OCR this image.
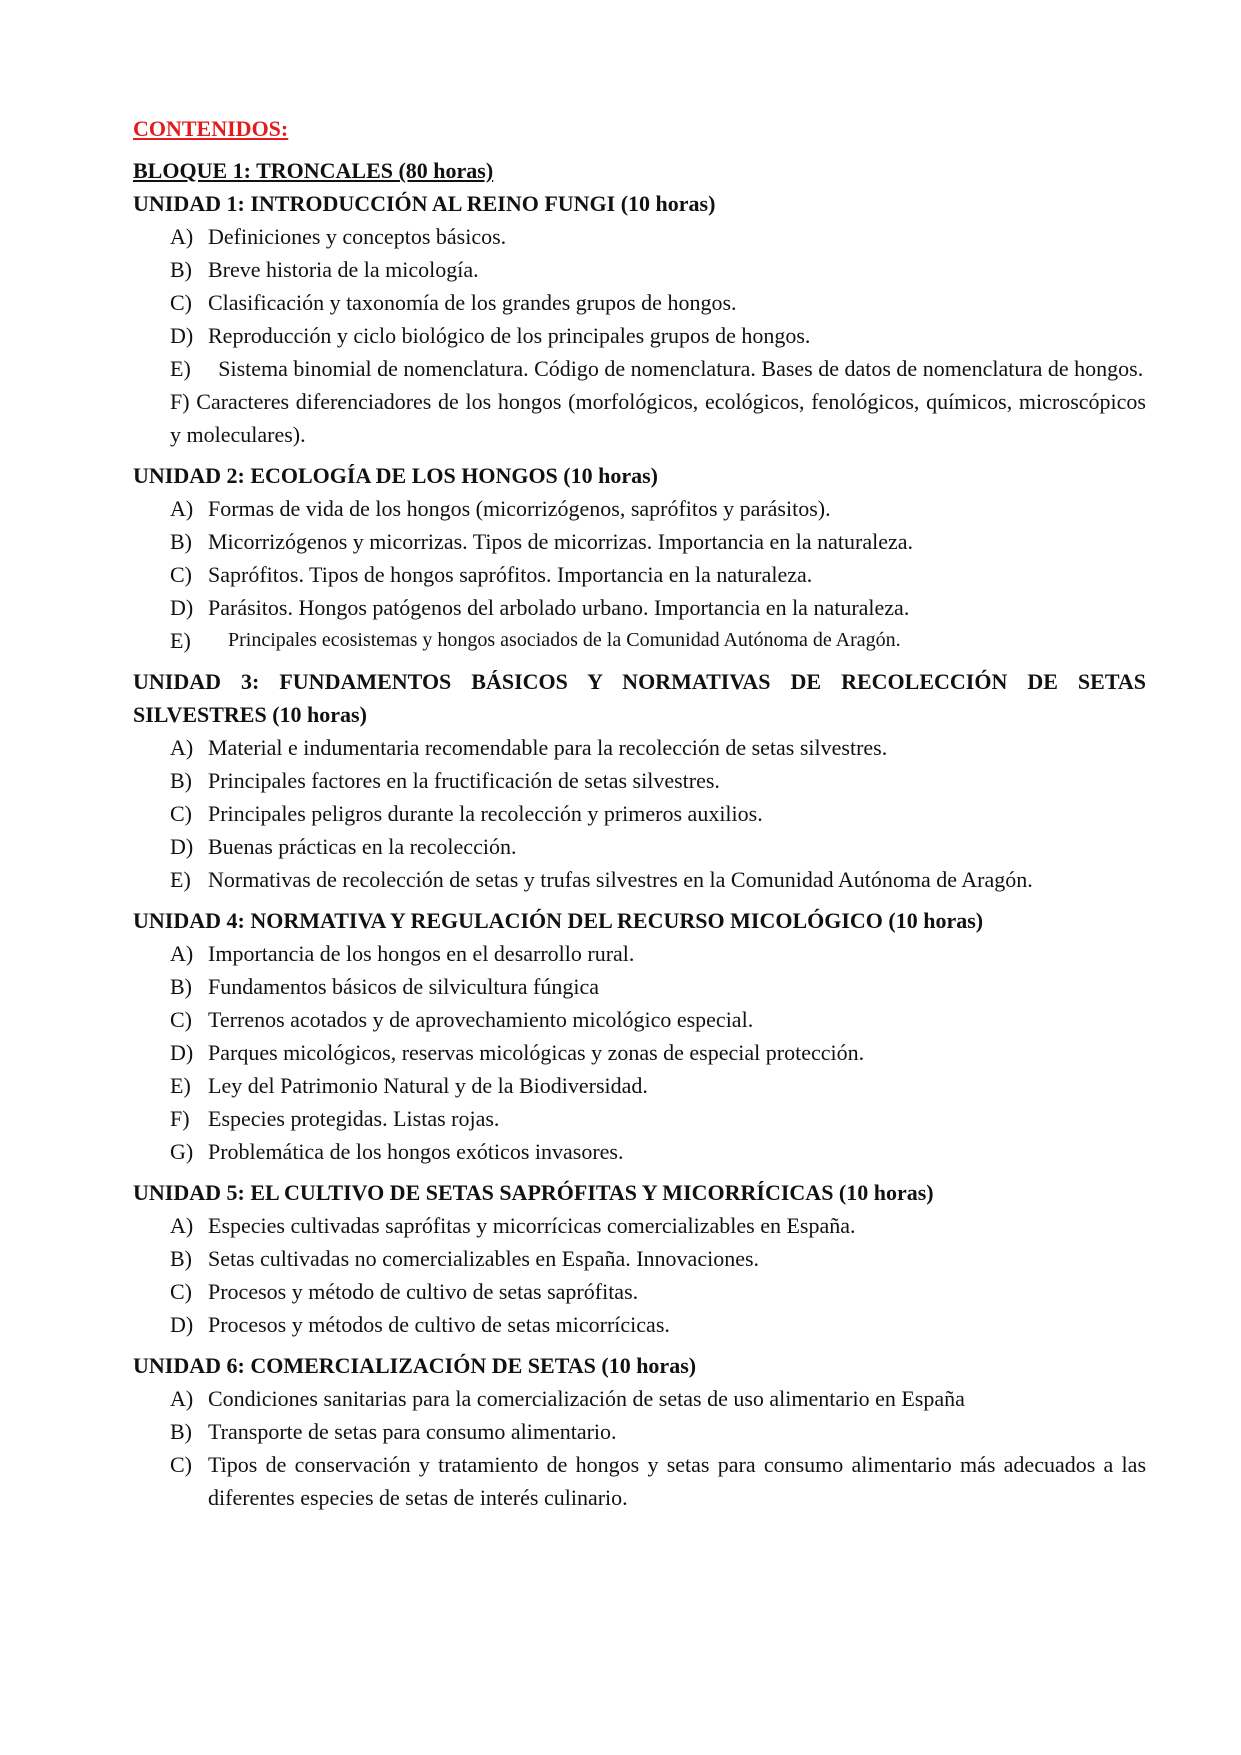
CONTENIDOS:
BLOQUE 1: TRONCALES (80 horas)
UNIDAD 1: INTRODUCCIÓN AL REINO FUNGI (10 horas)
A) Definiciones y conceptos básicos.
B) Breve historia de la micología.
C) Clasificación y taxonomía de los grandes grupos de hongos.
D) Reproducción y ciclo biológico de los principales grupos de hongos.
E) Sistema binomial de nomenclatura. Código de nomenclatura. Bases de datos de nomenclatura de hongos.
F) Caracteres diferenciadores de los hongos (morfológicos, ecológicos, fenológicos, químicos, microscópicos y moleculares).
UNIDAD 2: ECOLOGÍA DE LOS HONGOS (10 horas)
A) Formas de vida de los hongos (micorrizógenos, saprófitos y parásitos).
B) Micorrizógenos y micorrizas. Tipos de micorrizas. Importancia en la naturaleza.
C) Saprófitos. Tipos de hongos saprófitos. Importancia en la naturaleza.
D) Parásitos. Hongos patógenos del arbolado urbano. Importancia en la naturaleza.
E)	Principales ecosistemas y hongos asociados de la Comunidad Autónoma de Aragón.
UNIDAD 3: FUNDAMENTOS BÁSICOS Y NORMATIVAS DE RECOLECCIÓN DE SETAS SILVESTRES (10 horas)
A) Material e indumentaria recomendable para la recolección de setas silvestres.
B) Principales factores en la fructificación de setas silvestres.
C) Principales peligros durante la recolección y primeros auxilios.
D) Buenas prácticas en la recolección.
E) Normativas de recolección de setas y trufas silvestres en la Comunidad Autónoma de Aragón.
UNIDAD 4: NORMATIVA Y REGULACIÓN DEL RECURSO MICOLÓGICO (10 horas)
A) Importancia de los hongos en el desarrollo rural.
B) Fundamentos básicos de silvicultura fúngica
C) Terrenos acotados y de aprovechamiento micológico especial.
D) Parques micológicos, reservas micológicas y zonas de especial protección.
E) Ley del Patrimonio Natural y de la Biodiversidad.
F) Especies protegidas. Listas rojas.
G) Problemática de los hongos exóticos invasores.
UNIDAD 5: EL CULTIVO DE SETAS SAPRÓFITAS Y MICORRÍCICAS (10 horas)
A) Especies cultivadas saprófitas y micorrícicas comercializables en España.
B) Setas cultivadas no comercializables en España. Innovaciones.
C) Procesos y método de cultivo de setas saprófitas.
D) Procesos y métodos de cultivo de setas micorrícicas.
UNIDAD 6: COMERCIALIZACIÓN DE SETAS (10 horas)
A) Condiciones sanitarias para la comercialización de setas de uso alimentario en España
B) Transporte de setas para consumo alimentario.
C) Tipos de conservación y tratamiento de hongos y setas para consumo alimentario más adecuados a las diferentes especies de setas de interés culinario.
